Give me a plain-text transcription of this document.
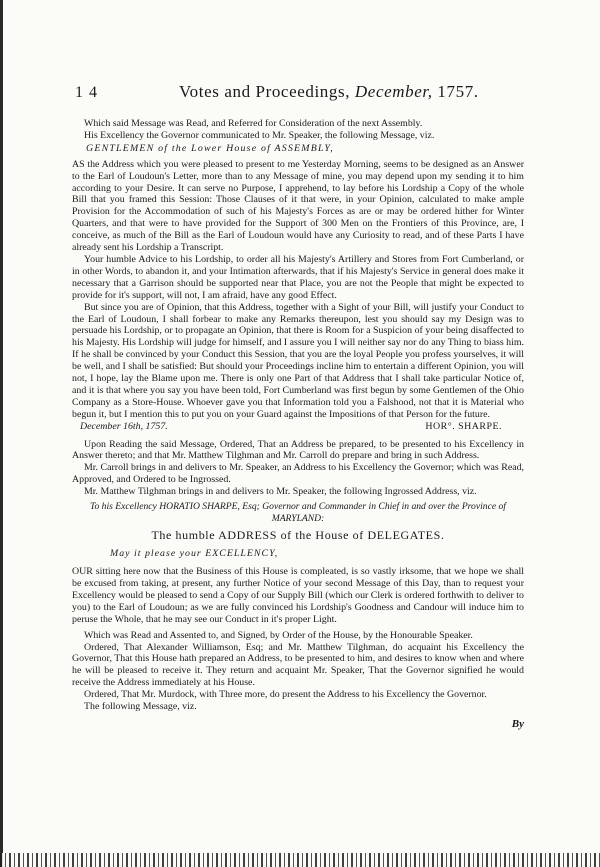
1 4	Votes and Proceedings, December, 1757.

Which said Message was Read, and Referred for Consideration of the next Assembly.

His Excellency the Governor communicated to Mr. Speaker, the following Message, viz.

GENTLEMEN of the Lower House of ASSEMBLY,

AS the Address which you were pleased to present to me Yesterday Morning, seems to be designed as an Answer to the Earl of Loudoun's Letter, more than to any Message of mine, you may depend upon my sending it to him according to your Desire. It can serve no Purpose, I apprehend, to lay before his Lordship a Copy of the whole Bill that you framed this Session: Those Clauses of it that were, in your Opinion, calculated to make ample Provision for the Accommodation of such of his Majesty's Forces as are or may be ordered hither for Winter Quarters, and that were to have provided for the Support of 300 Men on the Frontiers of this Province, are, I conceive, as much of the Bill as the Earl of Loudoun would have any Curiosity to read, and of these Parts I have already sent his Lordship a Transcript.

Your humble Advice to his Lordship, to order all his Majesty's Artillery and Stores from Fort Cumberland, or in other Words, to abandon it, and your Intimation afterwards, that if his Majesty's Service in general does make it necessary that a Garrison should be supported near that Place, you are not the People that might be expected to provide for it's support, will not, I am afraid, have any good Effect.

But since you are of Opinion, that this Address, together with a Sight of your Bill, will justify your Conduct to the Earl of Loudoun, I shall forbear to make any Remarks thereupon, lest you should say my Design was to persuade his Lordship, or to propagate an Opinion, that there is Room for a Suspicion of your being disaffected to his Majesty. His Lordship will judge for himself, and I assure you I will neither say nor do any Thing to biass him. If he shall be convinced by your Conduct this Session, that you are the loyal People you profess yourselves, it will be well, and I shall be satisfied: But should your Proceedings incline him to entertain a different Opinion, you will not, I hope, lay the Blame upon me. There is only one Part of that Address that I shall take particular Notice of, and it is that where you say you have been told, Fort Cumberland was first begun by some Gentlemen of the Ohio Company as a Store-House. Whoever gave you that Information told you a Falshood, not that it is Material who begun it, but I mention this to put you on your Guard against the Impositions of that Person for the future.

December 16th, 1757.	HOR°. SHARPE.

Upon Reading the said Message, Ordered, That an Address be prepared, to be presented to his Excellency in Answer thereto; and that Mr. Matthew Tilghman and Mr. Carroll do prepare and bring in such Address.

Mr. Carroll brings in and delivers to Mr. Speaker, an Address to his Excellency the Governor; which was Read, Approved, and Ordered to be Ingrossed.

Mr. Matthew Tilghman brings in and delivers to Mr. Speaker, the following Ingrossed Address, viz.

To his Excellency HORATIO SHARPE, Esq; Governor and Commander in Chief in and over the Province of MARYLAND:

The humble ADDRESS of the House of DELEGATES.

May it please your EXCELLENCY,

OUR sitting here now that the Business of this House is compleated, is so vastly irksome, that we hope we shall be excused from taking, at present, any further Notice of your second Message of this Day, than to request your Excellency would be pleased to send a Copy of our Supply Bill (which our Clerk is ordered forthwith to deliver to you) to the Earl of Loudoun; as we are fully convinced his Lordship's Goodness and Candour will induce him to peruse the Whole, that he may see our Conduct in it's proper Light.

Which was Read and Assented to, and Signed, by Order of the House, by the Honourable Speaker.

Ordered, That Alexander Williamson, Esq; and Mr. Matthew Tilghman, do acquaint his Excellency the Governor, That this House hath prepared an Address, to be presented to him, and desires to know when and where he will be pleased to receive it. They return and acquaint Mr. Speaker, That the Governor signified he would receive the Address immediately at his House.

Ordered, That Mr. Murdock, with Three more, do present the Address to his Excellency the Governor.

The following Message, viz.

By
